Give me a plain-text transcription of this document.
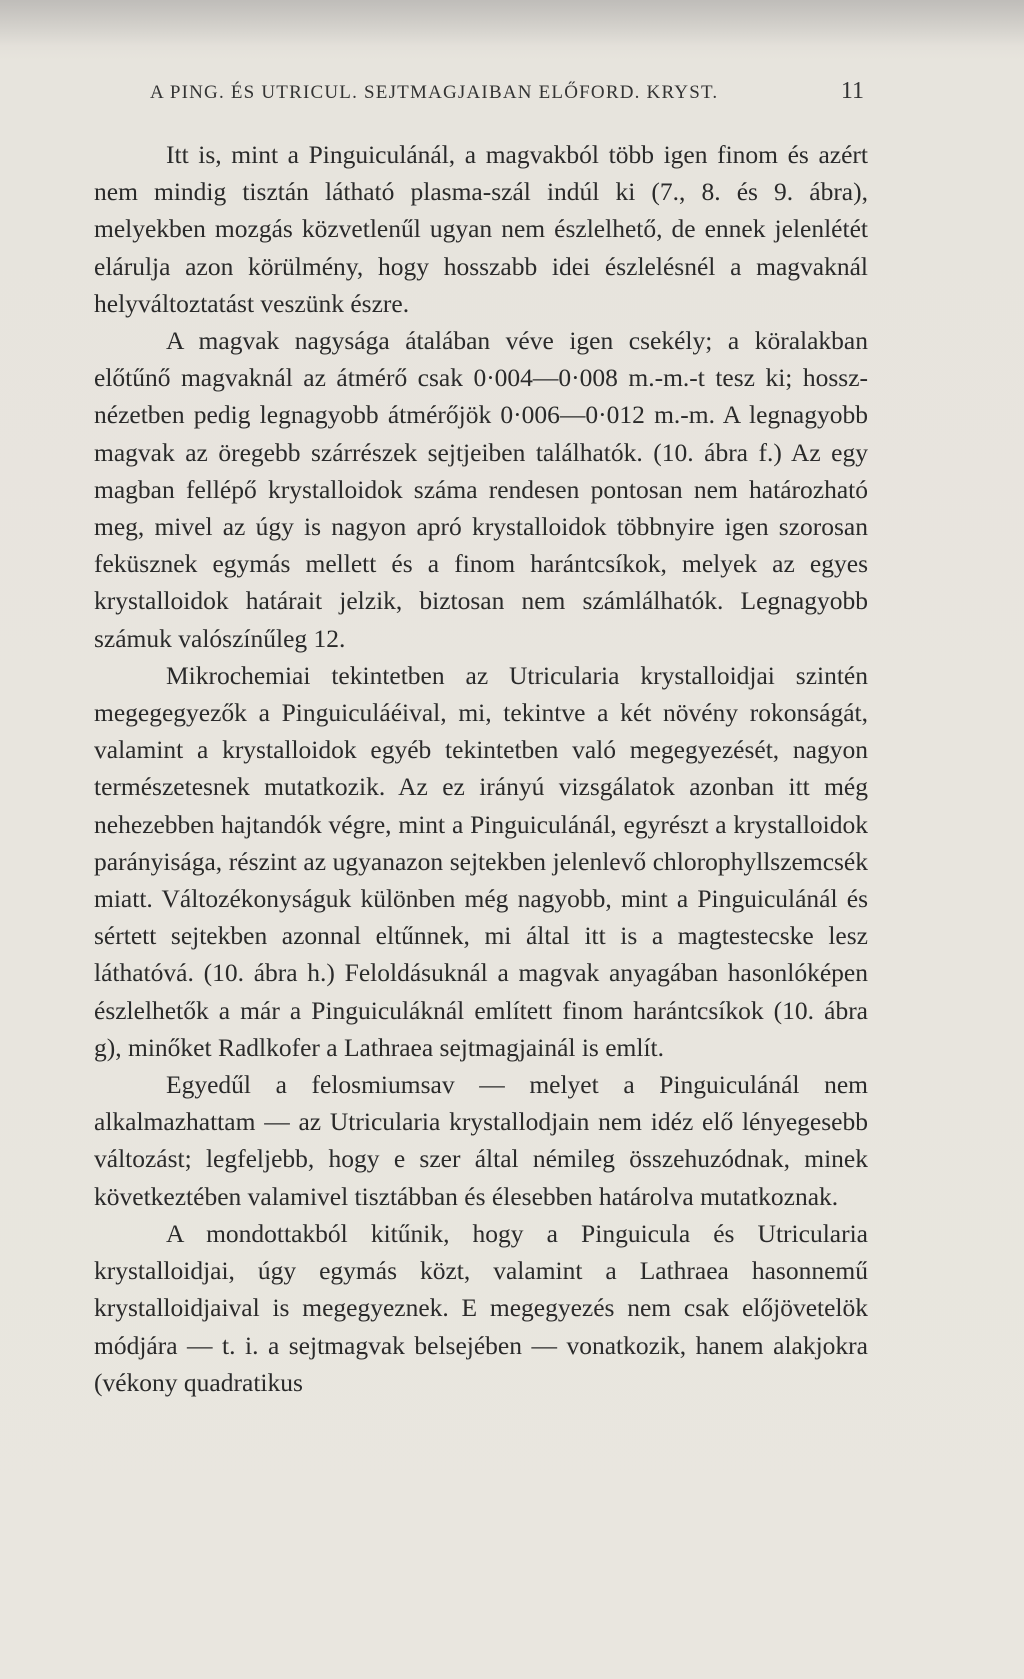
A PING. ÉS UTRICUL. SEJTMAGJAIBAN ELŐFORD. KRYST.	11

Itt is, mint a Pinguiculánál, a magvakból több igen finom és azért nem mindig tisztán látható plasma-szál indúl ki (7., 8. és 9. ábra), melyekben mozgás közvetlenűl ugyan nem észlelhető, de ennek jelenlétét elárulja azon körülmény, hogy hosszabb idei észlelésnél a magvaknál helyváltoztatást veszünk észre.

A magvak nagysága átalában véve igen csekély; a köralakban előtűnő magvaknál az átmérő csak 0·004—0·008 m.-m.-t tesz ki; hossz-nézetben pedig legnagyobb átmérőjök 0·006—0·012 m.-m. A legnagyobb magvak az öregebb szárrészek sejtjeiben találhatók. (10. ábra f.) Az egy magban fellépő krystalloidok száma rendesen pontosan nem határozható meg, mivel az úgy is nagyon apró krystalloidok többnyire igen szorosan feküsznek egymás mellett és a finom harántcsíkok, melyek az egyes krystalloidok határait jelzik, biztosan nem számlálhatók. Legnagyobb számuk valószínűleg 12.

Mikrochemiai tekintetben az Utricularia krystalloidjai szintén megegegyezők a Pinguiculáéival, mi, tekintve a két növény rokonságát, valamint a krystalloidok egyéb tekintetben való megegyezését, nagyon természetesnek mutatkozik. Az ez irányú vizsgálatok azonban itt még nehezebben hajtandók végre, mint a Pinguiculánál, egyrészt a krystalloidok parányisága, részint az ugyanazon sejtekben jelenlevő chlorophyllszemcsék miatt. Változékonyságuk különben még nagyobb, mint a Pinguiculánál és sértett sejtekben azonnal eltűnnek, mi által itt is a magtestecske lesz láthatóvá. (10. ábra h.) Feloldásuknál a magvak anyagában hasonlóképen észlelhetők a már a Pinguiculáknál említett finom harántcsíkok (10. ábra g), minőket Radlkofer a Lathraea sejtmagjainál is említ.

Egyedűl a felosmiumsav — melyet a Pinguiculánál nem alkalmazhattam — az Utricularia krystallodjain nem idéz elő lényegesebb változást; legfeljebb, hogy e szer által némileg összehuzódnak, minek következtében valamivel tisztábban és élesebben határolva mutatkoznak.

A mondottakból kitűnik, hogy a Pinguicula és Utricularia krystalloidjai, úgy egymás közt, valamint a Lathraea hasonnemű krystalloidjaival is megegyeznek. E megegyezés nem csak előjövetelök módjára — t. i. a sejtmagvak belsejében — vonatkozik, hanem alakjokra (vékony quadratikus
